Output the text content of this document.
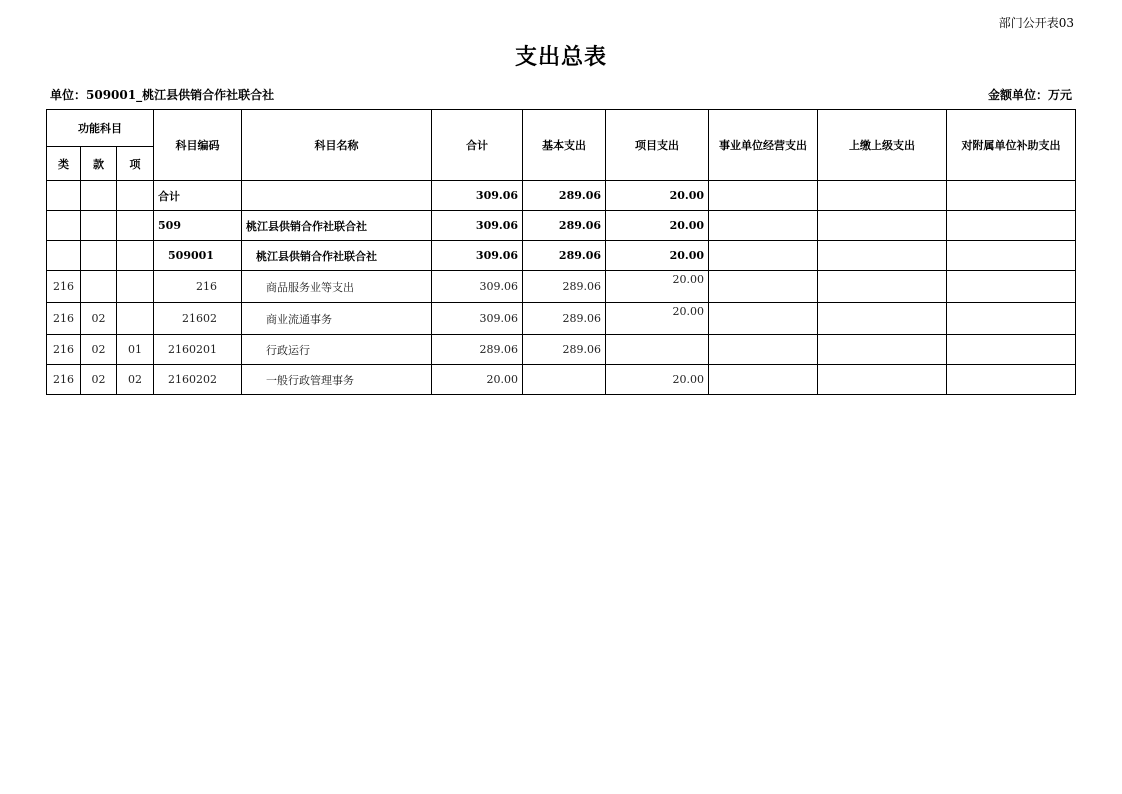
部门公开表03
支出总表
单位：509001_桃江县供销合作社联合社	金额单位：万元
功能科目			科目编码	科目名称	合计	基本支出	项目支出	事业单位经营支出	上缴上级支出	对附属单位补助支出
类	款	项								
			合计		309.06	289.06	20.00			
			509	桃江县供销合作社联合社	309.06	289.06	20.00			
			509001	桃江县供销合作社联合社	309.06	289.06	20.00			
216			216	商品服务业等支出	309.06	289.06	20.00			
216	02		21602	商业流通事务	309.06	289.06	20.00			
216	02	01	2160201	行政运行	289.06	289.06				
216	02	02	2160202	一般行政管理事务	20.00		20.00			
